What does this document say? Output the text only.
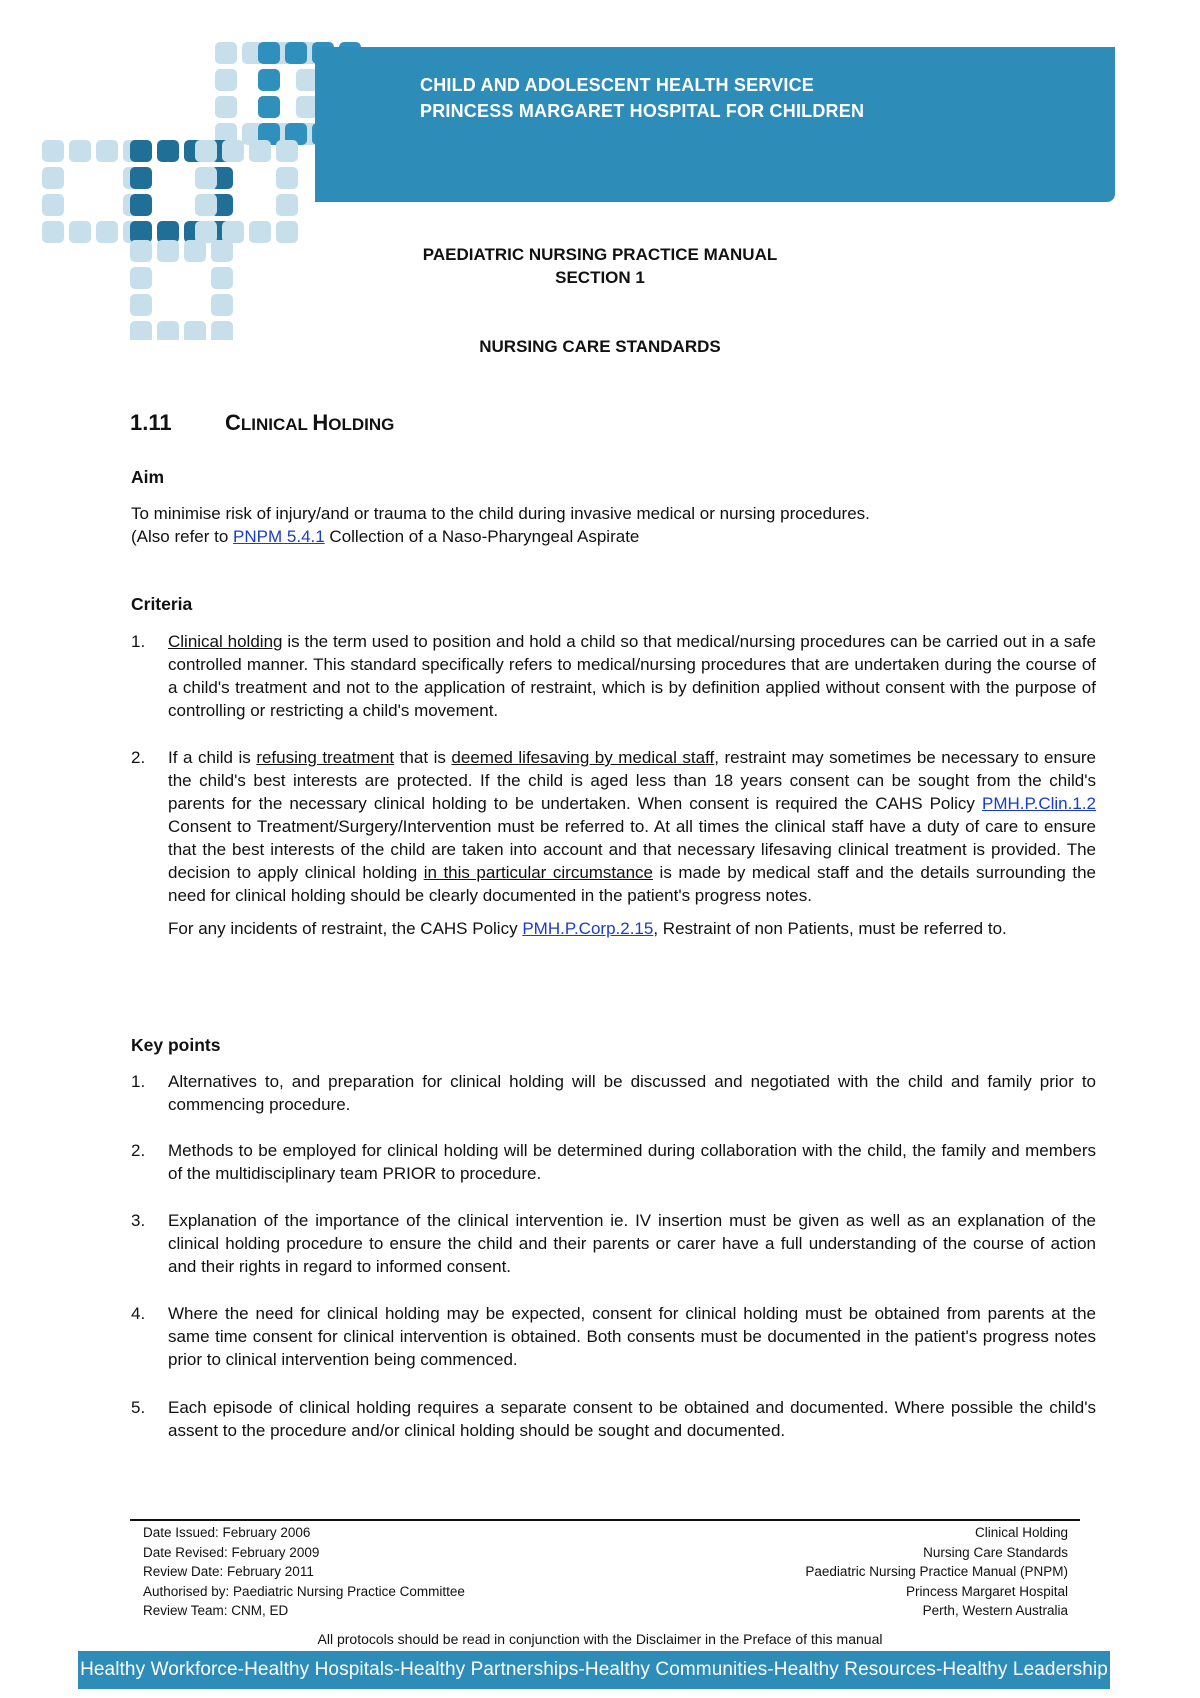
CHILD AND ADOLESCENT HEALTH SERVICE
PRINCESS MARGARET HOSPITAL FOR CHILDREN
PAEDIATRIC NURSING PRACTICE MANUAL
SECTION 1
NURSING CARE STANDARDS
1.11 CLINICAL HOLDING
Aim
To minimise risk of injury/and or trauma to the child during invasive medical or nursing procedures.
(Also refer to PNPM 5.4.1 Collection of a Naso-Pharyngeal Aspirate
Criteria
1. Clinical holding is the term used to position and hold a child so that medical/nursing procedures can be carried out in a safe controlled manner. This standard specifically refers to medical/nursing procedures that are undertaken during the course of a child's treatment and not to the application of restraint, which is by definition applied without consent with the purpose of controlling or restricting a child's movement.
2. If a child is refusing treatment that is deemed lifesaving by medical staff, restraint may sometimes be necessary to ensure the child's best interests are protected. If the child is aged less than 18 years consent can be sought from the child's parents for the necessary clinical holding to be undertaken. When consent is required the CAHS Policy PMH.P.Clin.1.2 Consent to Treatment/Surgery/Intervention must be referred to. At all times the clinical staff have a duty of care to ensure that the best interests of the child are taken into account and that necessary lifesaving clinical treatment is provided. The decision to apply clinical holding in this particular circumstance is made by medical staff and the details surrounding the need for clinical holding should be clearly documented in the patient's progress notes.
For any incidents of restraint, the CAHS Policy PMH.P.Corp.2.15, Restraint of non Patients, must be referred to.
Key points
1. Alternatives to, and preparation for clinical holding will be discussed and negotiated with the child and family prior to commencing procedure.
2. Methods to be employed for clinical holding will be determined during collaboration with the child, the family and members of the multidisciplinary team PRIOR to procedure.
3. Explanation of the importance of the clinical intervention ie. IV insertion must be given as well as an explanation of the clinical holding procedure to ensure the child and their parents or carer have a full understanding of the course of action and their rights in regard to informed consent.
4. Where the need for clinical holding may be expected, consent for clinical holding must be obtained from parents at the same time consent for clinical intervention is obtained. Both consents must be documented in the patient's progress notes prior to clinical intervention being commenced.
5. Each episode of clinical holding requires a separate consent to be obtained and documented. Where possible the child's assent to the procedure and/or clinical holding should be sought and documented.
Date Issued: February 2006
Date Revised: February 2009
Review Date: February 2011
Authorised by: Paediatric Nursing Practice Committee
Review Team: CNM, ED
Clinical Holding
Nursing Care Standards
Paediatric Nursing Practice Manual (PNPM)
Princess Margaret Hospital
Perth, Western Australia
All protocols should be read in conjunction with the Disclaimer in the Preface of this manual
Healthy Workforce-Healthy Hospitals-Healthy Partnerships-Healthy Communities-Healthy Resources-Healthy Leadership
